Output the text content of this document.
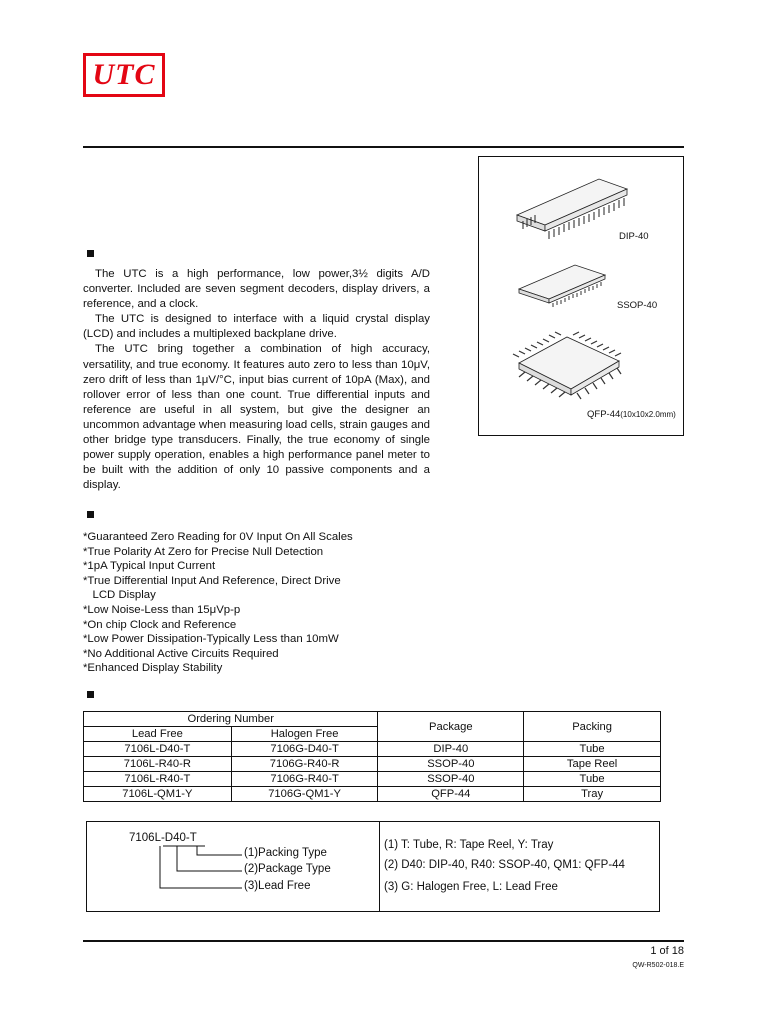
UTC

The UTC is a high performance, low power,3½ digits A/D converter. Included are seven segment decoders, display drivers, a reference, and a clock.

The UTC is designed to interface with a liquid crystal display (LCD) and includes a multiplexed backplane drive.

The UTC bring together a combination of high accuracy, versatility, and true economy. It features auto zero to less than 10μV, zero drift of less than 1μV/°C, input bias current of 10pA (Max), and rollover error of less than one count. True differential inputs and reference are useful in all system, but give the designer an uncommon advantage when measuring load cells, strain gauges and other bridge type transducers. Finally, the true economy of single power supply operation, enables a high performance panel meter to be built with the addition of only 10 passive components and a display.

*Guaranteed Zero Reading for 0V Input On All Scales
*True Polarity At Zero for Precise Null Detection
*1pA Typical Input Current
*True Differential Input And Reference, Direct Drive
LCD Display
*Low Noise-Less than 15μVp-p
*On chip Clock and Reference
*Low Power Dissipation-Typically Less than 10mW
*No Additional Active Circuits Required
*Enhanced Display Stability
DIP-40
SSOP-40
QFP-44(10x10x2.0mm)
Ordering Number		Package	Packing
Lead Free	Halogen Free		
7106L-D40-T	7106G-D40-T	DIP-40	Tube
7106L-R40-R	7106G-R40-R	SSOP-40	Tape Reel
7106L-R40-T	7106G-R40-T	SSOP-40	Tube
7106L-QM1-Y	7106G-QM1-Y	QFP-44	Tray
7106L-D40-T
(1)Packing Type
(2)Package Type
(3)Lead Free
(1) T: Tube, R: Tape Reel, Y: Tray
(2) D40: DIP-40, R40: SSOP-40, QM1: QFP-44
(3) G: Halogen Free, L: Lead Free
1 of 18
QW-R502-018.E
